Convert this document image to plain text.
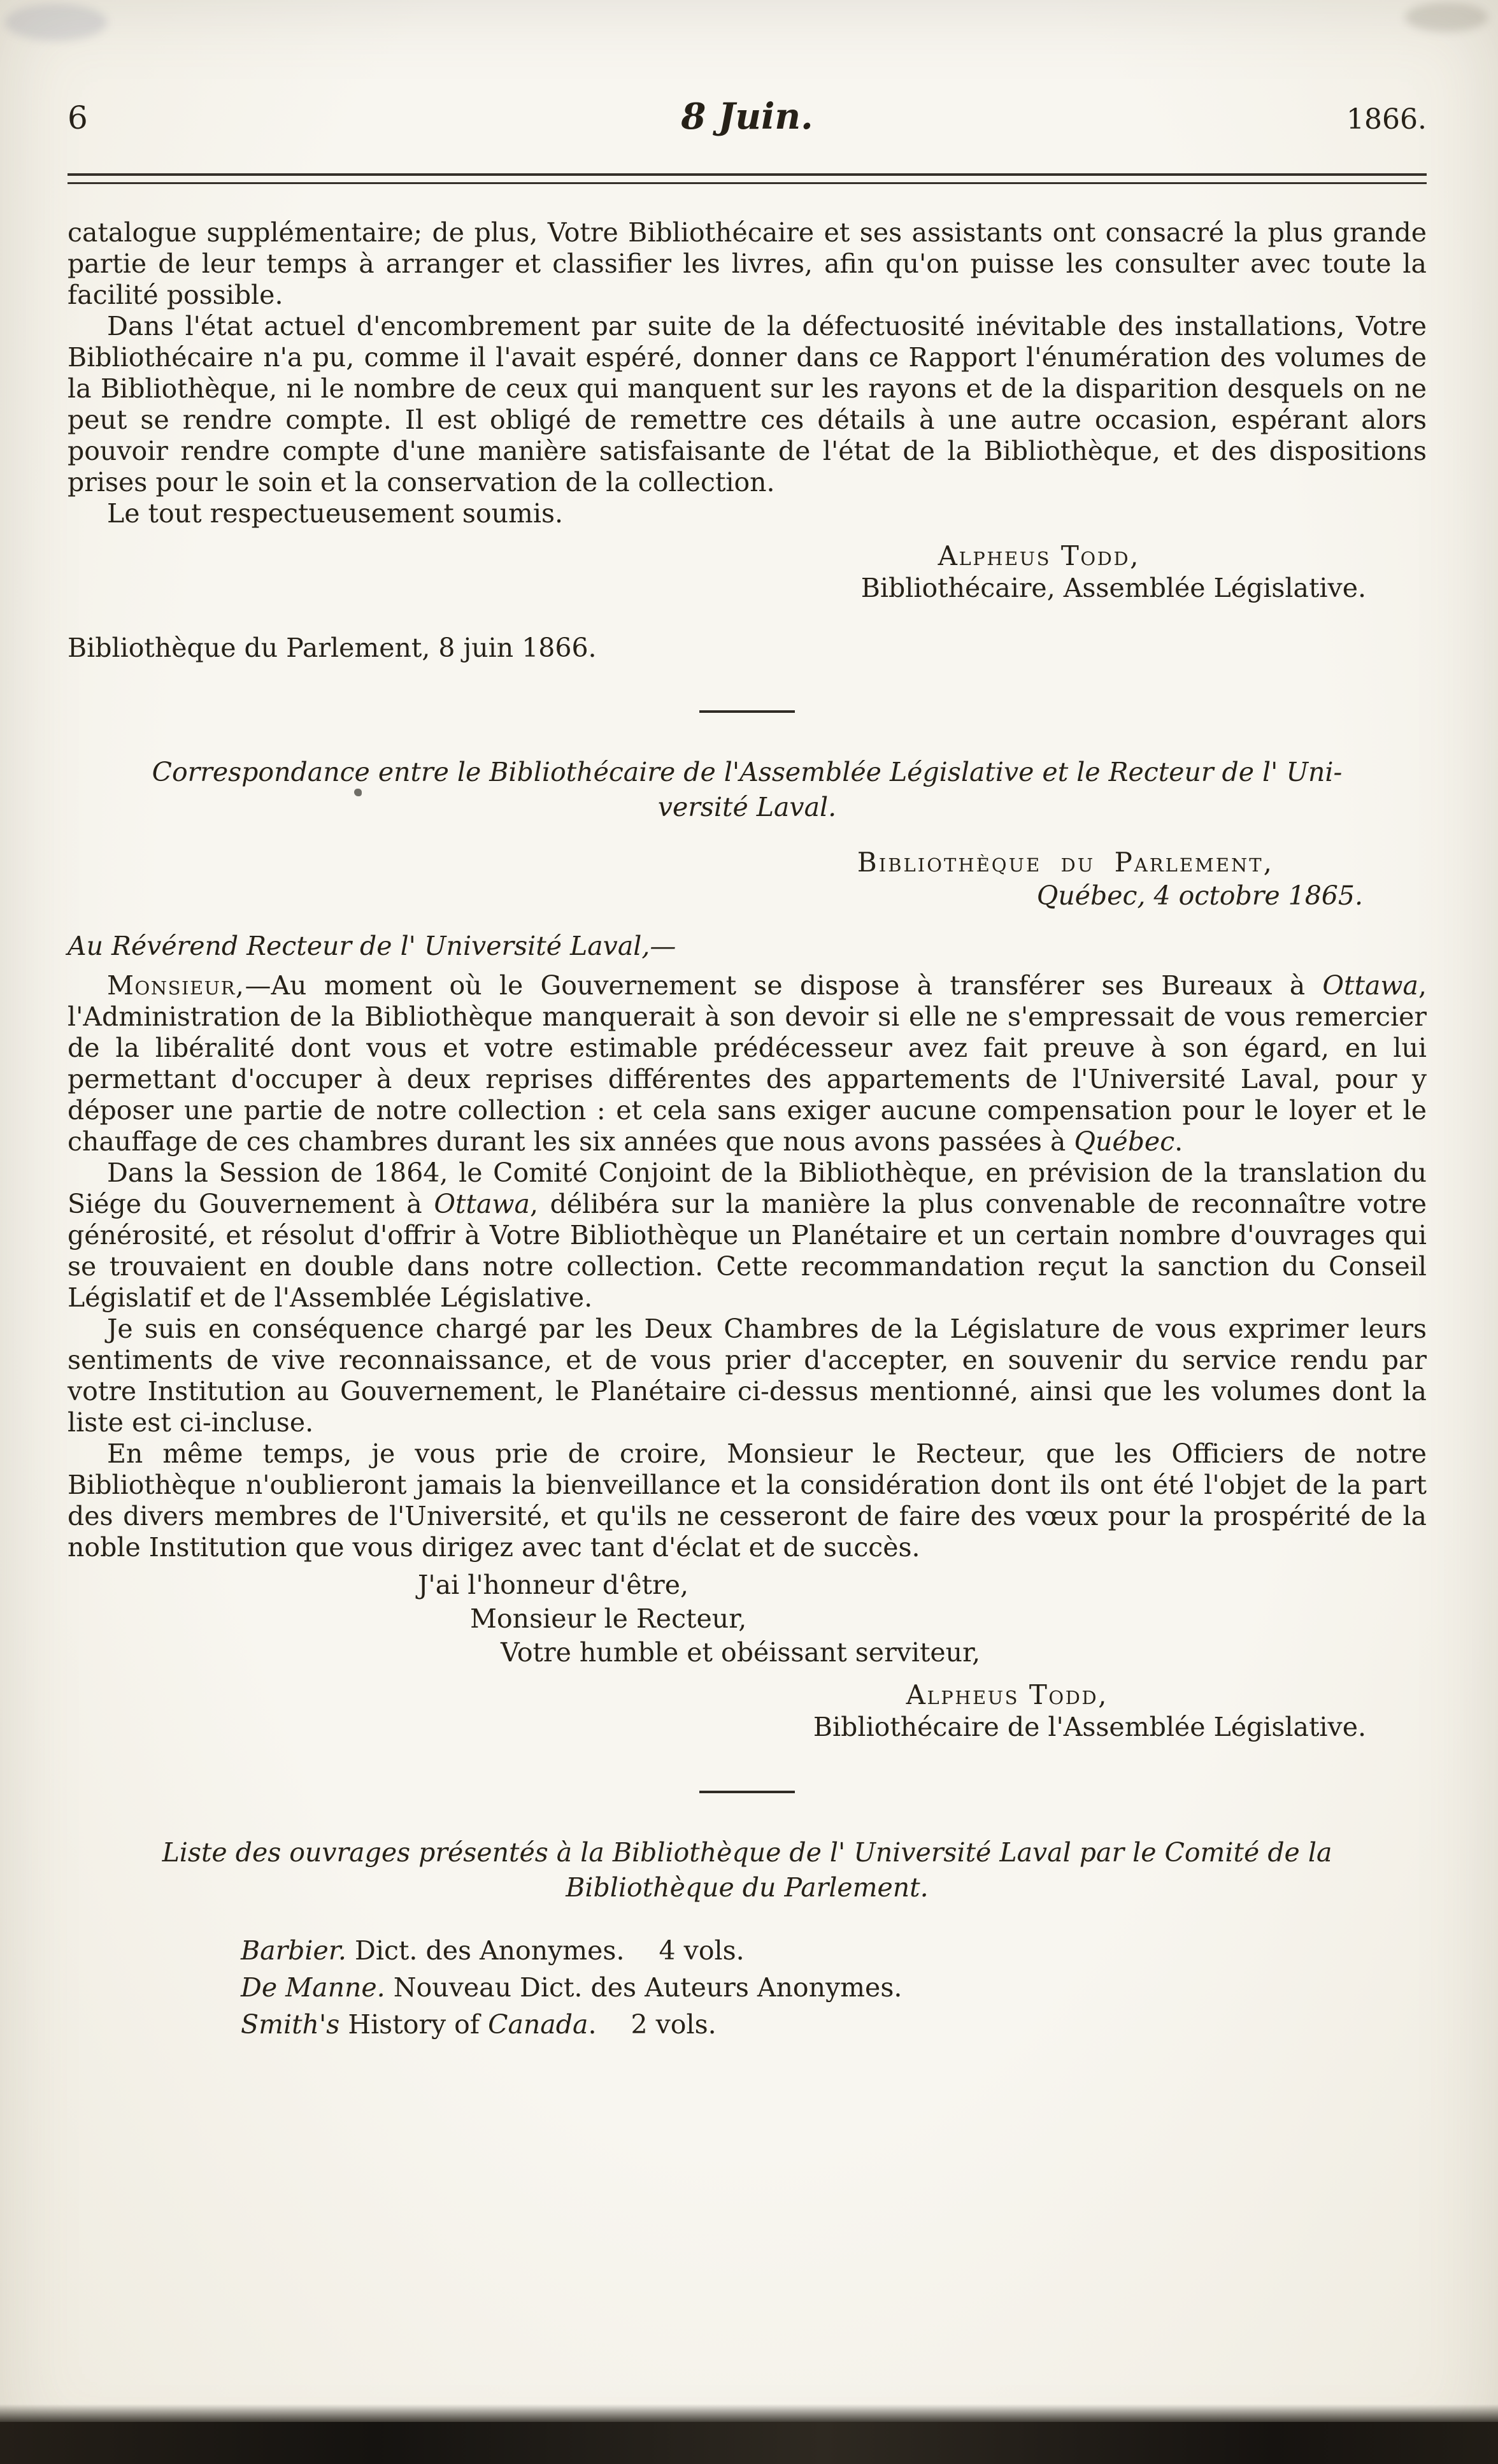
6	8 Juin.	1866.

catalogue supplémentaire; de plus, Votre Bibliothécaire et ses assistants ont consacré la plus grande partie de leur temps à arranger et classifier les livres, afin qu'on puisse les consulter avec toute la facilité possible.

Dans l'état actuel d'encombrement par suite de la défectuosité inévitable des installations, Votre Bibliothécaire n'a pu, comme il l'avait espéré, donner dans ce Rapport l'énumération des volumes de la Bibliothèque, ni le nombre de ceux qui manquent sur les rayons et de la disparition desquels on ne peut se rendre compte. Il est obligé de remettre ces détails à une autre occasion, espérant alors pouvoir rendre compte d'une manière satisfaisante de l'état de la Bibliothèque, et des dispositions prises pour le soin et la conservation de la collection.

Le tout respectueusement soumis.

Alpheus Todd,
Bibliothécaire, Assemblée Législative.
Bibliothèque du Parlement, 8 juin 1866.

Correspondance entre le Bibliothécaire de l'Assemblée Législative et le Recteur de l' Uni-

versité Laval.

Bibliothèque du Parlement,
Québec, 4 octobre 1865.

Au Révérend Recteur de l' Université Laval,—

Monsieur,—Au moment où le Gouvernement se dispose à transférer ses Bureaux à Ottawa, l'Administration de la Bibliothèque manquerait à son devoir si elle ne s'empressait de vous remercier de la libéralité dont vous et votre estimable prédécesseur avez fait preuve à son égard, en lui permettant d'occuper à deux reprises différentes des appartements de l'Université Laval, pour y déposer une partie de notre collection : et cela sans exiger aucune compensation pour le loyer et le chauffage de ces chambres durant les six années que nous avons passées à Québec.

Dans la Session de 1864, le Comité Conjoint de la Bibliothèque, en prévision de la translation du Siége du Gouvernement à Ottawa, délibéra sur la manière la plus convenable de reconnaître votre générosité, et résolut d'offrir à Votre Bibliothèque un Planétaire et un certain nombre d'ouvrages qui se trouvaient en double dans notre collection. Cette recommandation reçut la sanction du Conseil Législatif et de l'Assemblée Législative.

Je suis en conséquence chargé par les Deux Chambres de la Législature de vous exprimer leurs sentiments de vive reconnaissance, et de vous prier d'accepter, en souvenir du service rendu par votre Institution au Gouvernement, le Planétaire ci-dessus mentionné, ainsi que les volumes dont la liste est ci-incluse.

En même temps, je vous prie de croire, Monsieur le Recteur, que les Officiers de notre Bibliothèque n'oublieront jamais la bienveillance et la considération dont ils ont été l'objet de la part des divers membres de l'Université, et qu'ils ne cesseront de faire des vœux pour la prospérité de la noble Institution que vous dirigez avec tant d'éclat et de succès.

J'ai l'honneur d'être,
Monsieur le Recteur,
Votre humble et obéissant serviteur,
Alpheus Todd,
Bibliothécaire de l'Assemblée Législative.

Liste des ouvrages présentés à la Bibliothèque de l' Université Laval par le Comité de la

Bibliothèque du Parlement.

Barbier. Dict. des Anonymes.  4 vols.

De Manne. Nouveau Dict. des Auteurs Anonymes.

Smith's History of Canada.  2 vols.
